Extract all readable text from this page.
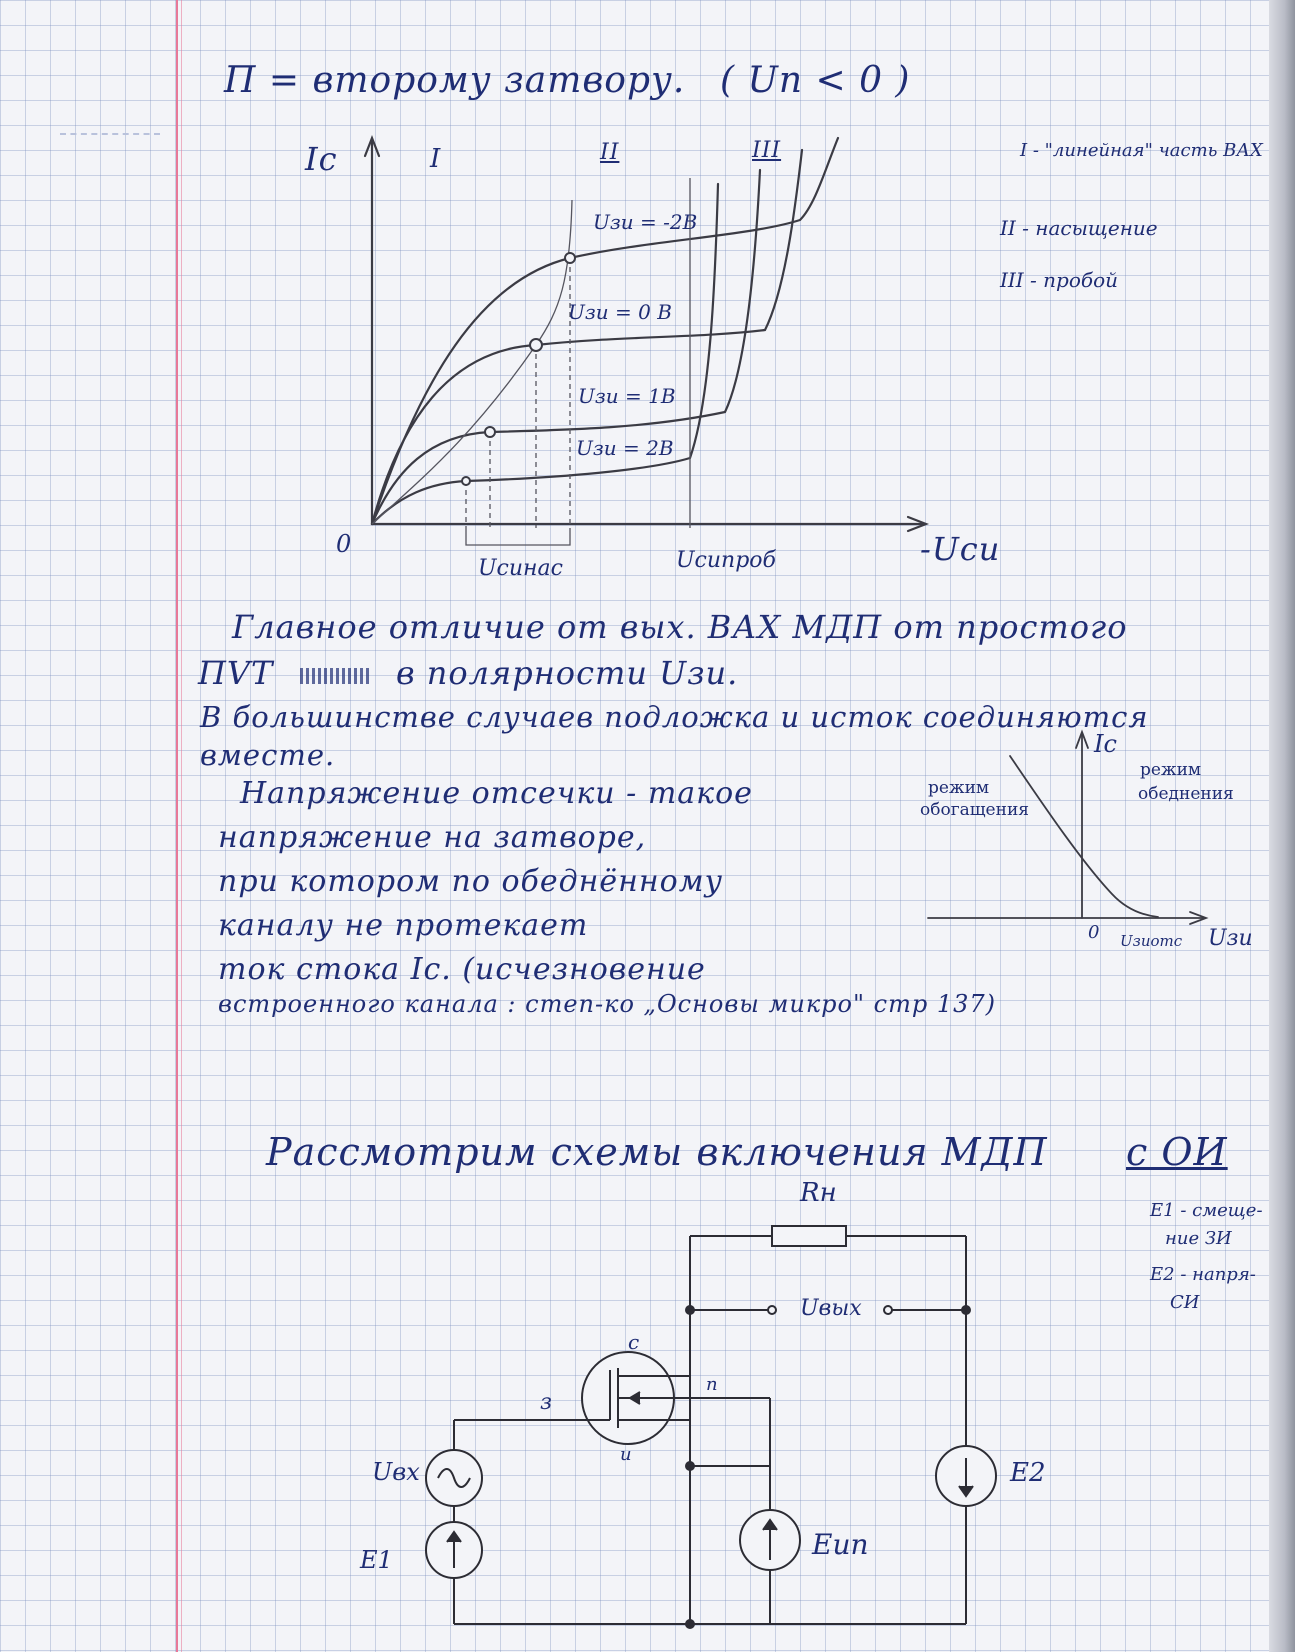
П = второму затвору. ( Uп < 0 )
Ic
0	-Uси
I	II	III
Uзи = -2B
Uзи = 0 B
Uзи = 1B
Uзи = 2B
Uсинас	Uсипроб
I - "линейная" часть ВАХ
II - насыщение
III - пробой
Главное отличие от вых. ВАХ МДП от простого
ПVТ	в полярности Uзи.
В большинстве случаев подложка и исток соединяются
вместе.
Напряжение отсечки - такое
напряжение на затворе,
при котором по обеднённому
каналу не протекает
ток стока Ic. (исчезновение
встроенного канала : степ-ко „Основы микро" стр 137)
Ic
режим
обогащения
режим
обеднения
0 Uзиотс Uзи
Рассмотрим схемы включения МДП с ОИ
E1 - смеще-
ние ЗИ
E2 - напря-
СИ
Rн
Uвых
с
з
п
и
Uвх
E1
E2
Eип
